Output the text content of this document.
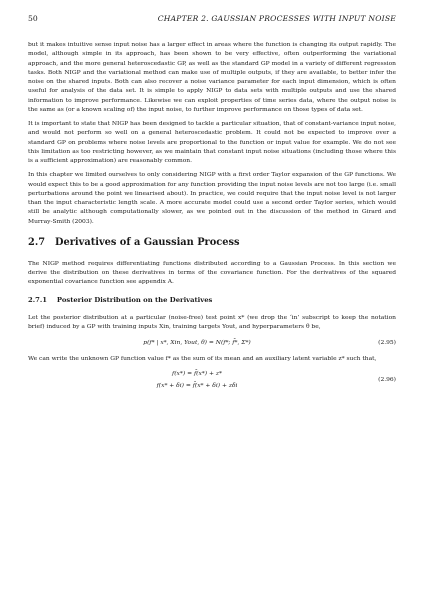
50	CHAPTER 2. GAUSSIAN PROCESSES WITH INPUT NOISE

but it makes intuitive sense input noise has a larger effect in areas where the function is changing its output rapidly. The model, although simple in its approach, has been shown to be very effective, often outperforming the variational approach, and the more general heteroscedastic GP, as well as the standard GP model in a variety of different regression tasks. Both NIGP and the variational method can make use of multiple outputs, if they are available, to better infer the noise on the shared inputs. Both can also recover a noise variance parameter for each input dimension, which is often useful for analysis of the data set. It is simple to apply NIGP to data sets with multiple outputs and use the shared information to improve performance. Likewise we can exploit properties of time series data, where the output noise is the same as (or a known scaling of) the input noise, to further improve performance on those types of data set.

It is important to state that NIGP has been designed to tackle a particular situation, that of constant-variance input noise, and would not perform so well on a general heteroscedastic problem. It could not be expected to improve over a standard GP on problems where noise levels are proportional to the function or input value for example. We do not see this limitation as too restricting however, as we maintain that constant input noise situations (including those where this is a sufficient approximation) are reasonably common.

In this chapter we limited ourselves to only considering NIGP with a first order Taylor expansion of the GP functions. We would expect this to be a good approximation for any function providing the input noise levels are not too large (i.e. small perturbations around the point we linearised about). In practice, we could require that the input noise level is not larger than the input characteristic length scale. A more accurate model could use a second order Taylor series, which would still be analytic although computationally slower, as we pointed out in the discussion of the method in Girard and Murray-Smith (2003).

2.7 Derivatives of a Gaussian Process

The NIGP method requires differentiating functions distributed according to a Gaussian Process. In this section we derive the distribution on these derivatives in terms of the covariance function. For the derivatives of the squared exponential covariance function see appendix A.

2.7.1 Posterior Distribution on the Derivatives

Let the posterior distribution at a particular (noise-free) test point x* (we drop the ‘in’ subscript to keep the notation brief) induced by a GP with training inputs Xin, training targets Yout, and hyperparameters θ be,

p(f* | x*, Xin, Yout, θ) = N(f*; f̄*, Σ*)	(2.95)

We can write the unknown GP function value f* as the sum of its mean and an auxiliary latent variable z* such that,

f(x*) = f̄(x*) + z*
f(x* + δi) = f̄(x* + δi) + zδi
(2.96)
